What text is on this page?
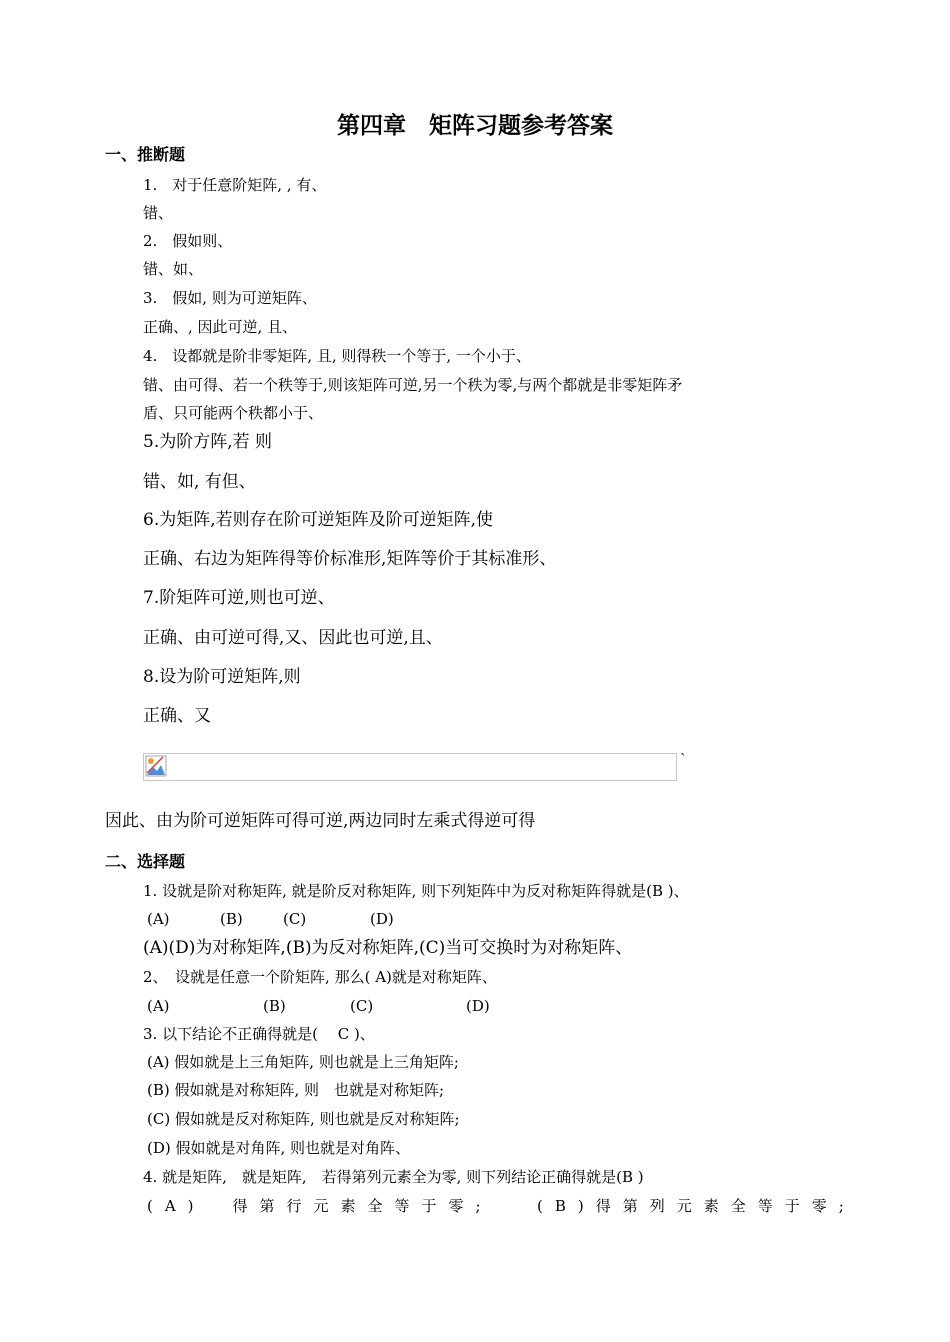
第四章　矩阵习题参考答案
一、推断题
1.　对于任意阶矩阵, , 有、
错、
2.　假如则、
错、如、
3.　假如, 则为可逆矩阵、
正确、, 因此可逆, 且、
4.　设都就是阶非零矩阵, 且, 则得秩一个等于, 一个小于、
错、由可得、若一个秩等于,则该矩阵可逆,另一个秩为零,与两个都就是非零矩阵矛
盾、只可能两个秩都小于、
5.为阶方阵,若 则
错、如, 有但、
6.为矩阵,若则存在阶可逆矩阵及阶可逆矩阵,使
正确、右边为矩阵得等价标准形,矩阵等价于其标准形、
7.阶矩阵可逆,则也可逆、
正确、由可逆可得,又、因此也可逆,且、
8.设为阶可逆矩阵,则
正确、又
`
因此、由为阶可逆矩阵可得可逆,两边同时左乘式得逆可得
二、选择题
1. 设就是阶对称矩阵, 就是阶反对称矩阵, 则下列矩阵中为反对称矩阵得就是(B )、
(A)	(B)	(C)	(D)
(A)(D)为对称矩阵,(B)为反对称矩阵,(C)当可交换时为对称矩阵、
2、　设就是任意一个阶矩阵, 那么( A)就是对称矩阵、
(A)	(B)	(C)	(D)
3. 以下结论不正确得就是(　 C )、
(A) 假如就是上三角矩阵, 则也就是上三角矩阵;
(B) 假如就是对称矩阵, 则　也就是对称矩阵;
(C) 假如就是反对称矩阵, 则也就是反对称矩阵;
(D) 假如就是对角阵, 则也就是对角阵、
4. 就是矩阵,　就是矩阵,　若得第列元素全为零, 则下列结论正确得就是(B )
(A)　得第行元素全等于零;	(B)得第列元素全等于零;
